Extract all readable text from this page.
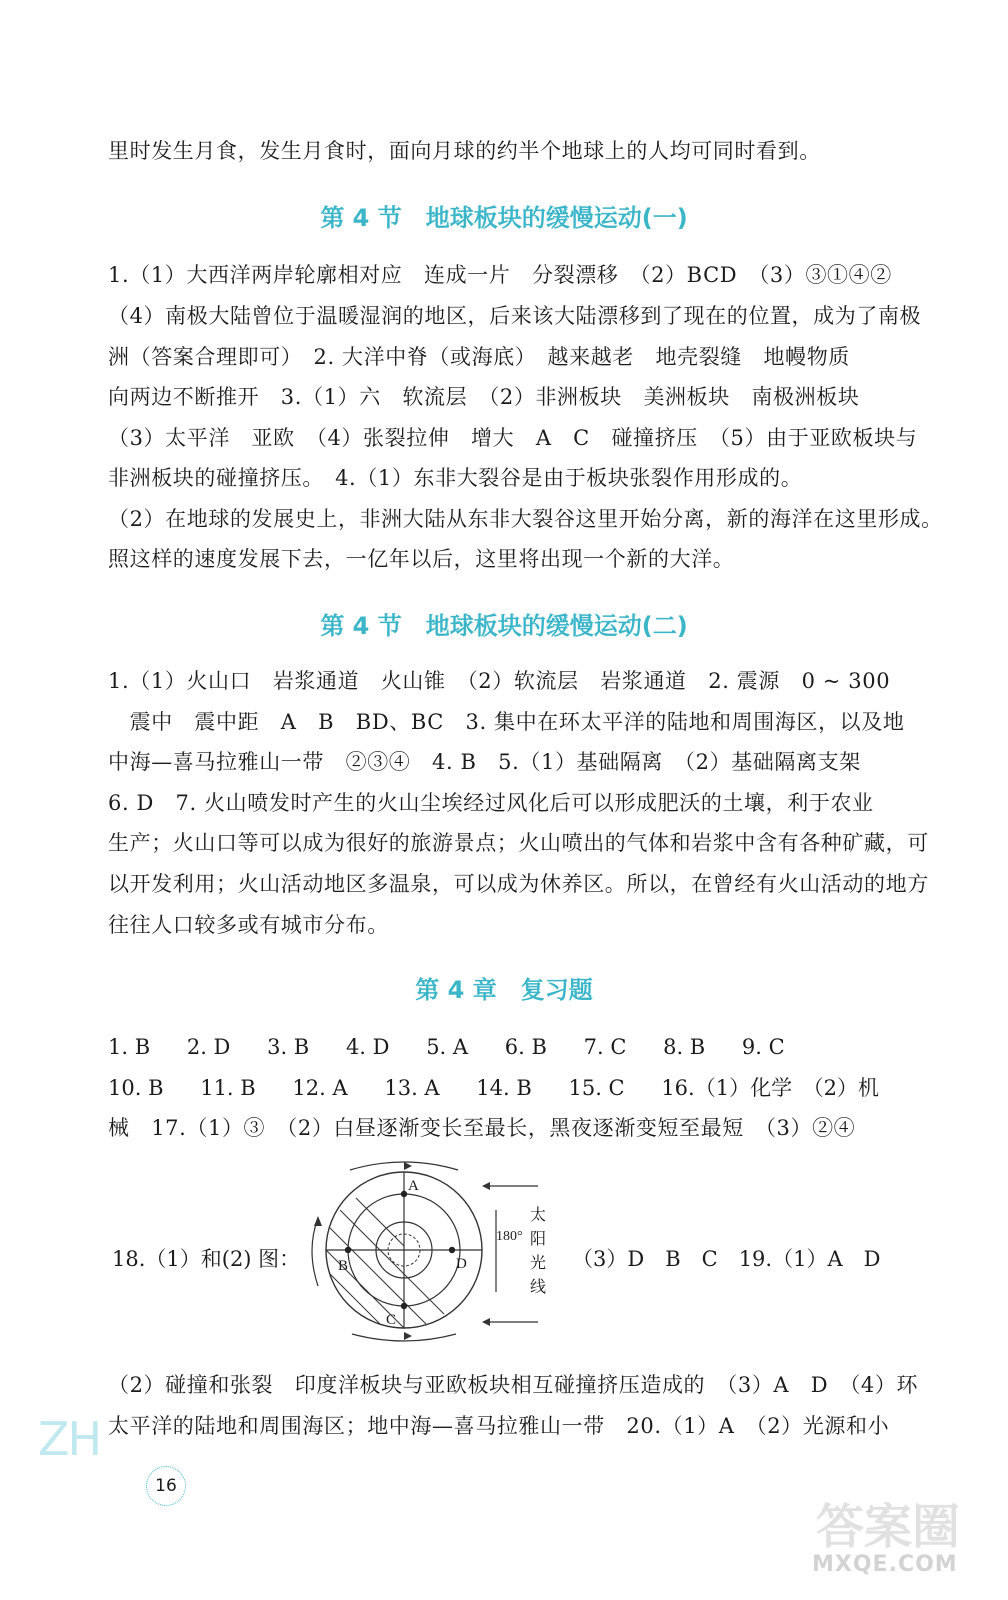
里时发生月食，发生月食时，面向月球的约半个地球上的人均可同时看到。
第 4 节　地球板块的缓慢运动(一)
1.（1）大西洋两岸轮廓相对应　连成一片　分裂漂移　（2）BCD　（3）③①④②
（4）南极大陆曾位于温暖湿润的地区，后来该大陆漂移到了现在的位置，成为了南极
洲（答案合理即可）　2. 大洋中脊（或海底）　越来越老　地壳裂缝　地幔物质
向两边不断推开　3.（1）六　软流层　（2）非洲板块　美洲板块　南极洲板块
（3）太平洋　亚欧　（4）张裂拉伸　增大　A　C　碰撞挤压　（5）由于亚欧板块与
非洲板块的碰撞挤压。　4.（1）东非大裂谷是由于板块张裂作用形成的。
（2）在地球的发展史上，非洲大陆从东非大裂谷这里开始分离，新的海洋在这里形成。
照这样的速度发展下去，一亿年以后，这里将出现一个新的大洋。
第 4 节　地球板块的缓慢运动(二)
1.（1）火山口　岩浆通道　火山锥　（2）软流层　岩浆通道　2. 震源　0 ~ 300
　震中　震中距　A　B　BD、BC　3. 集中在环太平洋的陆地和周围海区，以及地
中海—喜马拉雅山一带　②③④　4. B　5.（1）基础隔离　（2）基础隔离支架
6. D　7. 火山喷发时产生的火山尘埃经过风化后可以形成肥沃的土壤，利于农业
生产；火山口等可以成为很好的旅游景点；火山喷出的气体和岩浆中含有各种矿藏，可
以开发利用；火山活动地区多温泉，可以成为休养区。所以，在曾经有火山活动的地方
往往人口较多或有城市分布。
第 4 章　复习题
1. B 2. D 3. B 4. D 5. A 6. B 7. C 8. B 9. C
10. B 11. B 12. A 13. A 14. B 15. C 16.（1）化学　（2）机
械　17.（1）③　（2）白昼逐渐变长至最长，黑夜逐渐变短至最短　（3）②④
18.（1）和(2) 图：
A
B
C
D
180°
太
阳
光
线
（3）D　B　C　19.（1）A　D
（2）碰撞和张裂　印度洋板块与亚欧板块相互碰撞挤压造成的　（3）A　D　（4）环
太平洋的陆地和周围海区；地中海—喜马拉雅山一带　20.（1）A　（2）光源和小
ZH
16
答案圈
MXQE.COM
